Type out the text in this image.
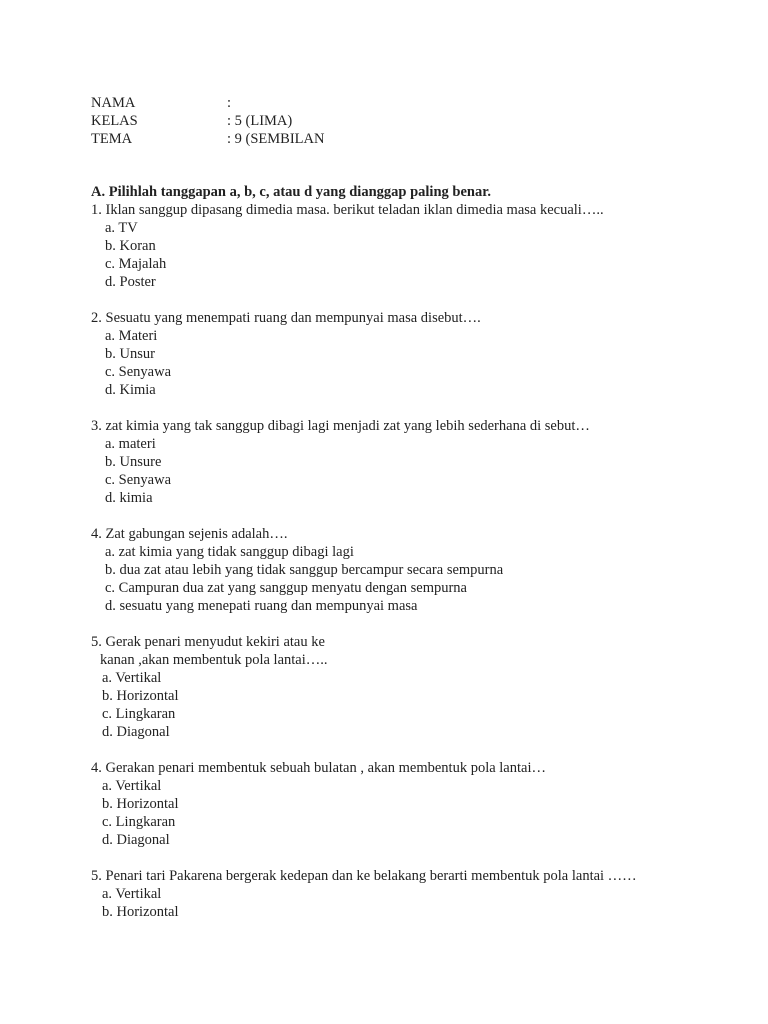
NAMA	:
KELAS	: 5 (LIMA)
TEMA	: 9 (SEMBILAN
A. Pilihlah tanggapan a, b, c, atau d yang dianggap paling benar.
1. Iklan sanggup dipasang dimedia masa. berikut teladan iklan dimedia masa kecuali…..
a. TV
b. Koran
c. Majalah
d. Poster
2. Sesuatu yang menempati ruang dan mempunyai masa disebut….
a. Materi
b. Unsur
c. Senyawa
d. Kimia
3. zat kimia yang tak sanggup dibagi lagi menjadi zat yang lebih sederhana di sebut…
a. materi
b. Unsure
c. Senyawa
d. kimia
4. Zat gabungan sejenis adalah….
a. zat kimia yang tidak sanggup dibagi lagi
b. dua zat atau lebih yang tidak sanggup bercampur secara sempurna
c. Campuran dua zat yang sanggup menyatu dengan sempurna
d. sesuatu yang menepati ruang dan mempunyai masa
5. Gerak penari menyudut kekiri atau ke
kanan ,akan membentuk pola lantai…..
a. Vertikal
b. Horizontal
c. Lingkaran
d. Diagonal
4. Gerakan penari membentuk sebuah bulatan , akan membentuk pola lantai…
a. Vertikal
b. Horizontal
c. Lingkaran
d. Diagonal
5. Penari tari Pakarena bergerak kedepan dan ke belakang berarti membentuk pola lantai ……
a. Vertikal
b. Horizontal
